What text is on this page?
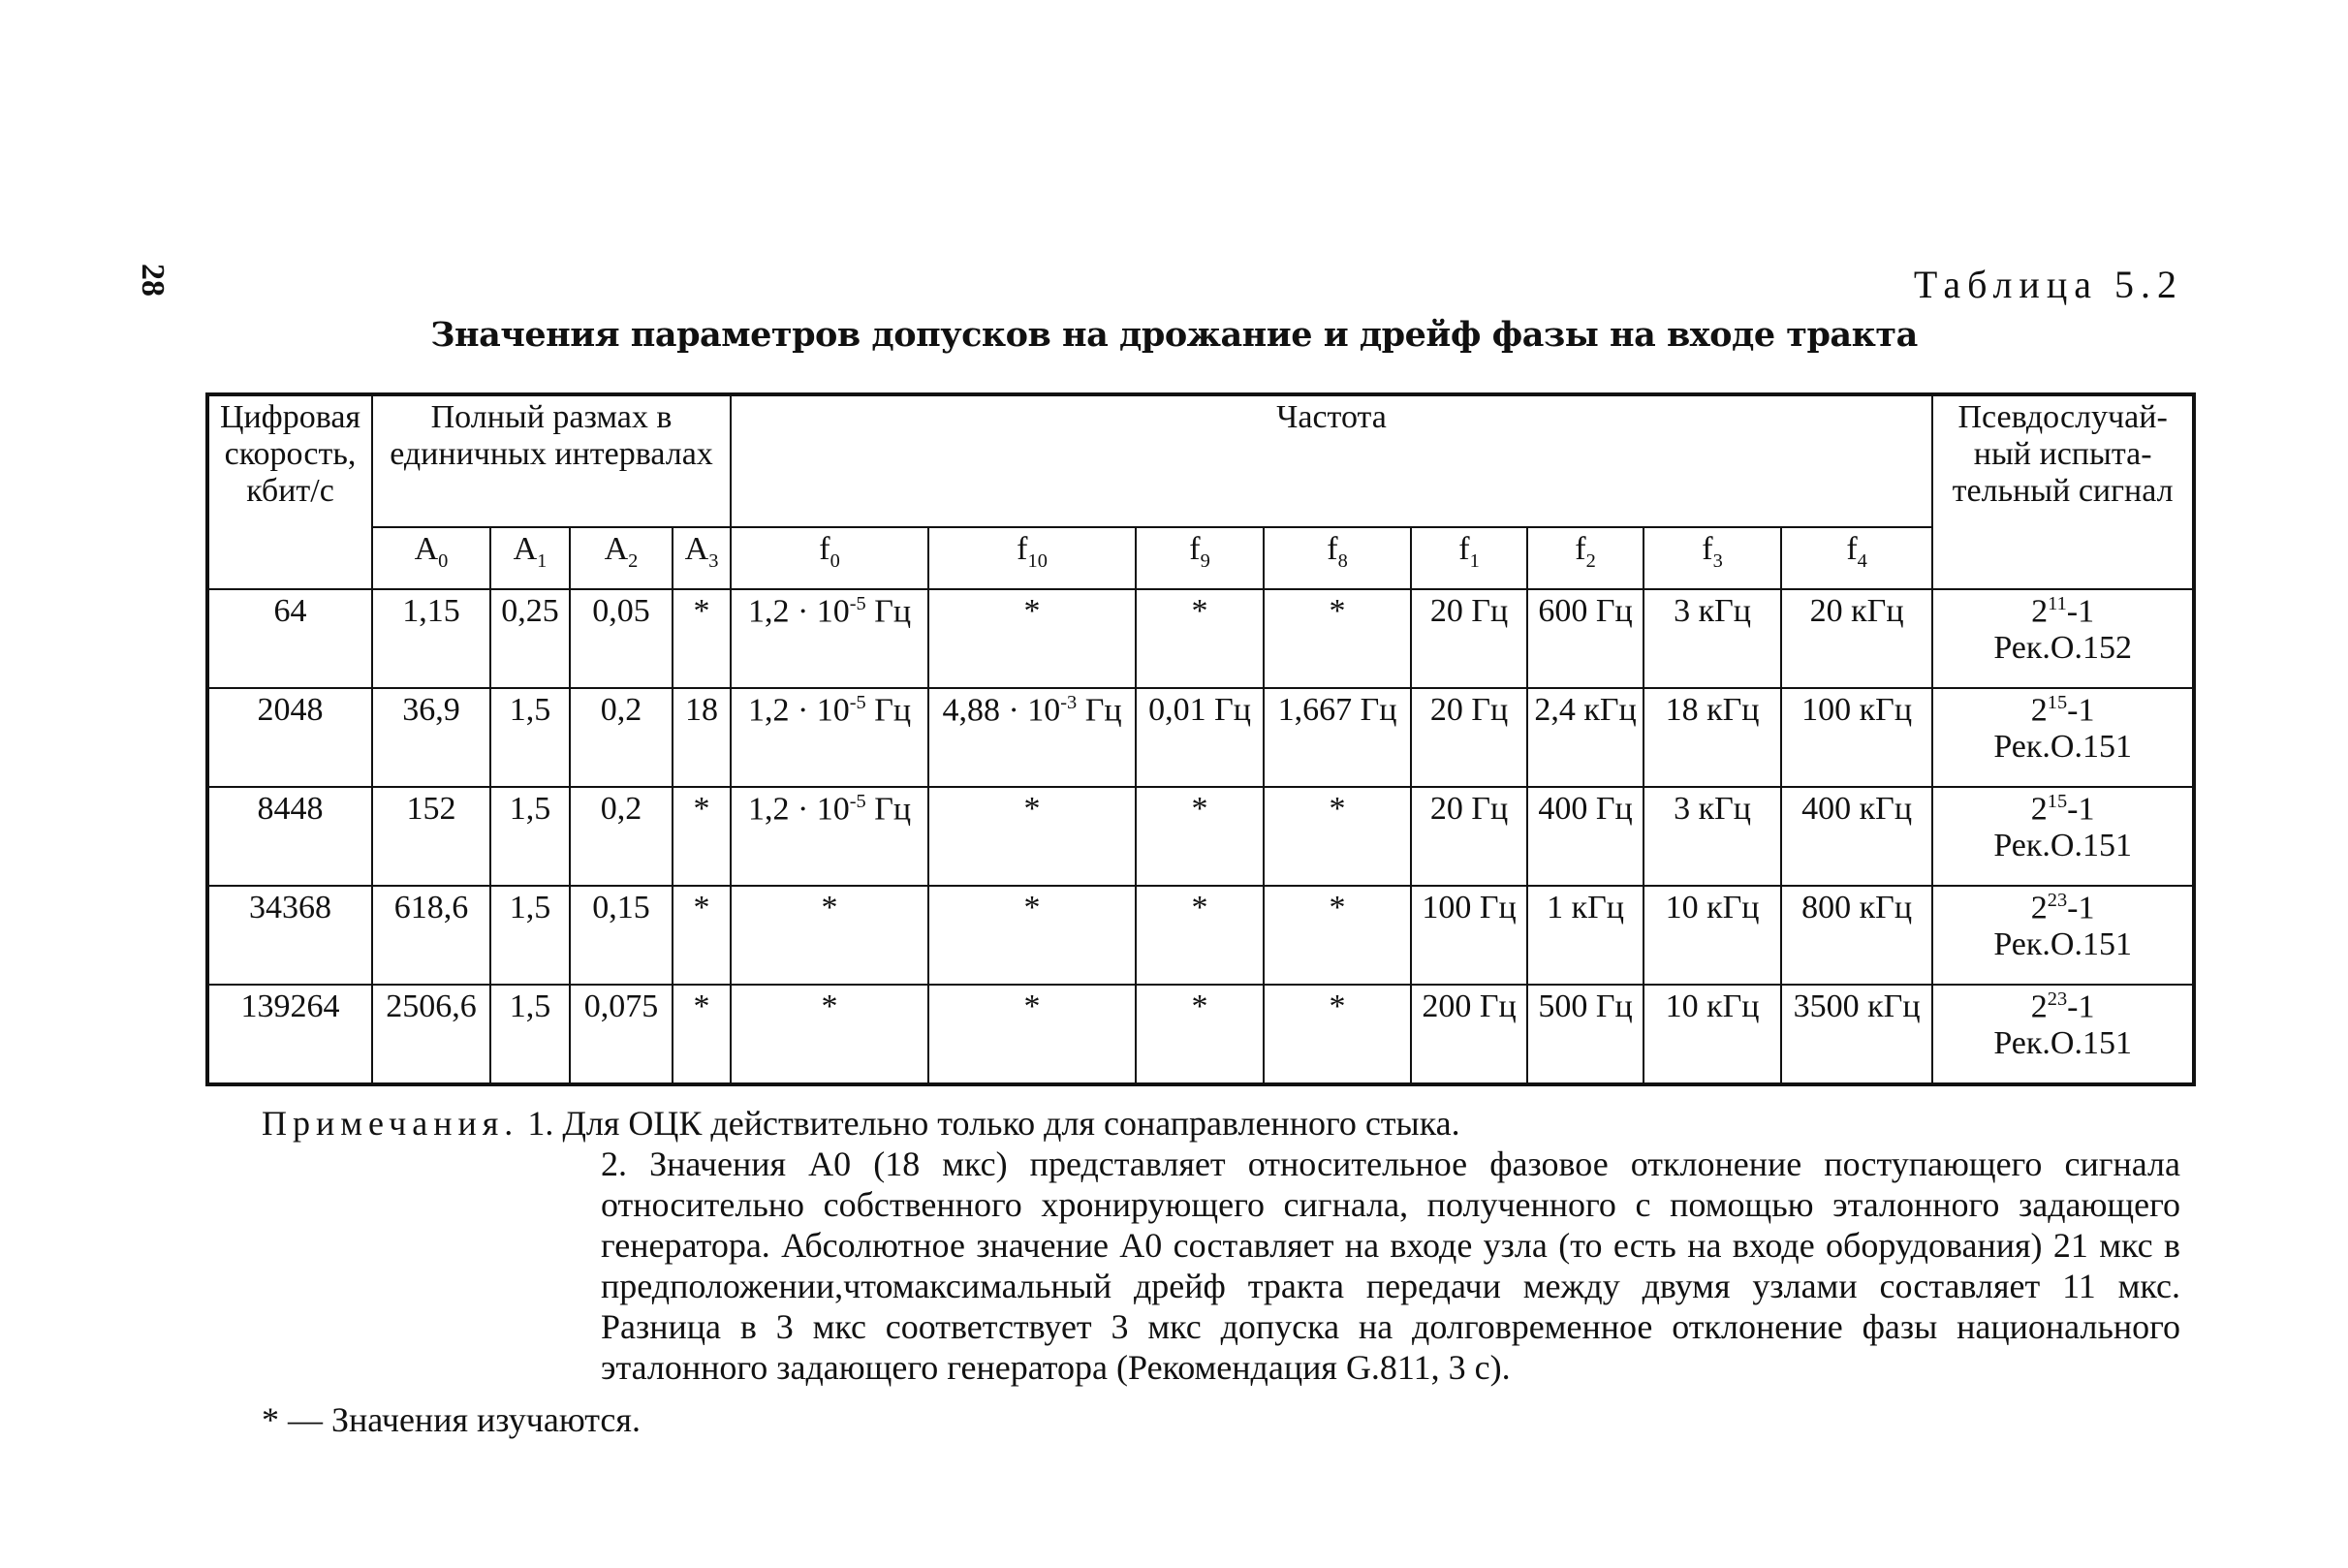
28	Таблица 5.2
Значения параметров допусков на дрожание и дрейф фазы на входе тракта
Цифровая скорость, кбит/с	Полный размах в единичных интервалах				Частота								Псевдослучай-ный испыта-тельный сигнал
	$A_0$	$A_1$	$A_2$	$A_3$	$f_0$	$f_{10}$	$f_9$	$f_8$	$f_1$	$f_2$	$f_3$	$f_4$
64	1,15	0,25	0,05	*	$1,2 \cdot 10^{-5}$ Гц	*	*	*	20 Гц	600 Гц	3 кГц	20 кГц	$2^{11}-1$
Рек.О.152
2048	36,9	1,5	0,2	18	$1,2 \cdot 10^{-5}$ Гц	$4,88 \cdot 10^{-3}$ Гц	0,01 Гц	1,667 Гц	20 Гц	2,4 кГц	18 кГц	100 кГц	$2^{15}-1$
Рек.О.151
8448	152	1,5	0,2	*	$1,2 \cdot 10^{-5}$ Гц	*	*	*	20 Гц	400 Гц	3 кГц	400 кГц	$2^{15}-1$
Рек.О.151
34368	618,6	1,5	0,15	*	*	*	*	*	100 Гц	1 кГц	10 кГц	800 кГц	$2^{23}-1$
Рек.О.151
139264	2506,6	1,5	0,075	*	*	*	*	*	200 Гц	500 Гц	10 кГц	3500 кГц	$2^{23}-1$
Рек.О.151

Примечания. 1. Для ОЦК действительно только для сонаправленного стыка.

2. Значения A0 (18 мкс) представляет относительное фазовое отклонение поступающего сигнала относительно собственного хронирующего сигнала, полученного с помощью эталонного задающего генератора. Абсолютное значение A0 составляет на входе узла (то есть на входе оборудования) 21 мкс в предположении,чтомаксимальный дрейф тракта передачи между двумя узлами составляет 11 мкс. Разница в 3 мкс соответствует 3 мкс допуска на долговременное отклонение фазы национального эталонного задающего генератора (Рекомендация G.811, 3 с).

* — Значения изучаются.
